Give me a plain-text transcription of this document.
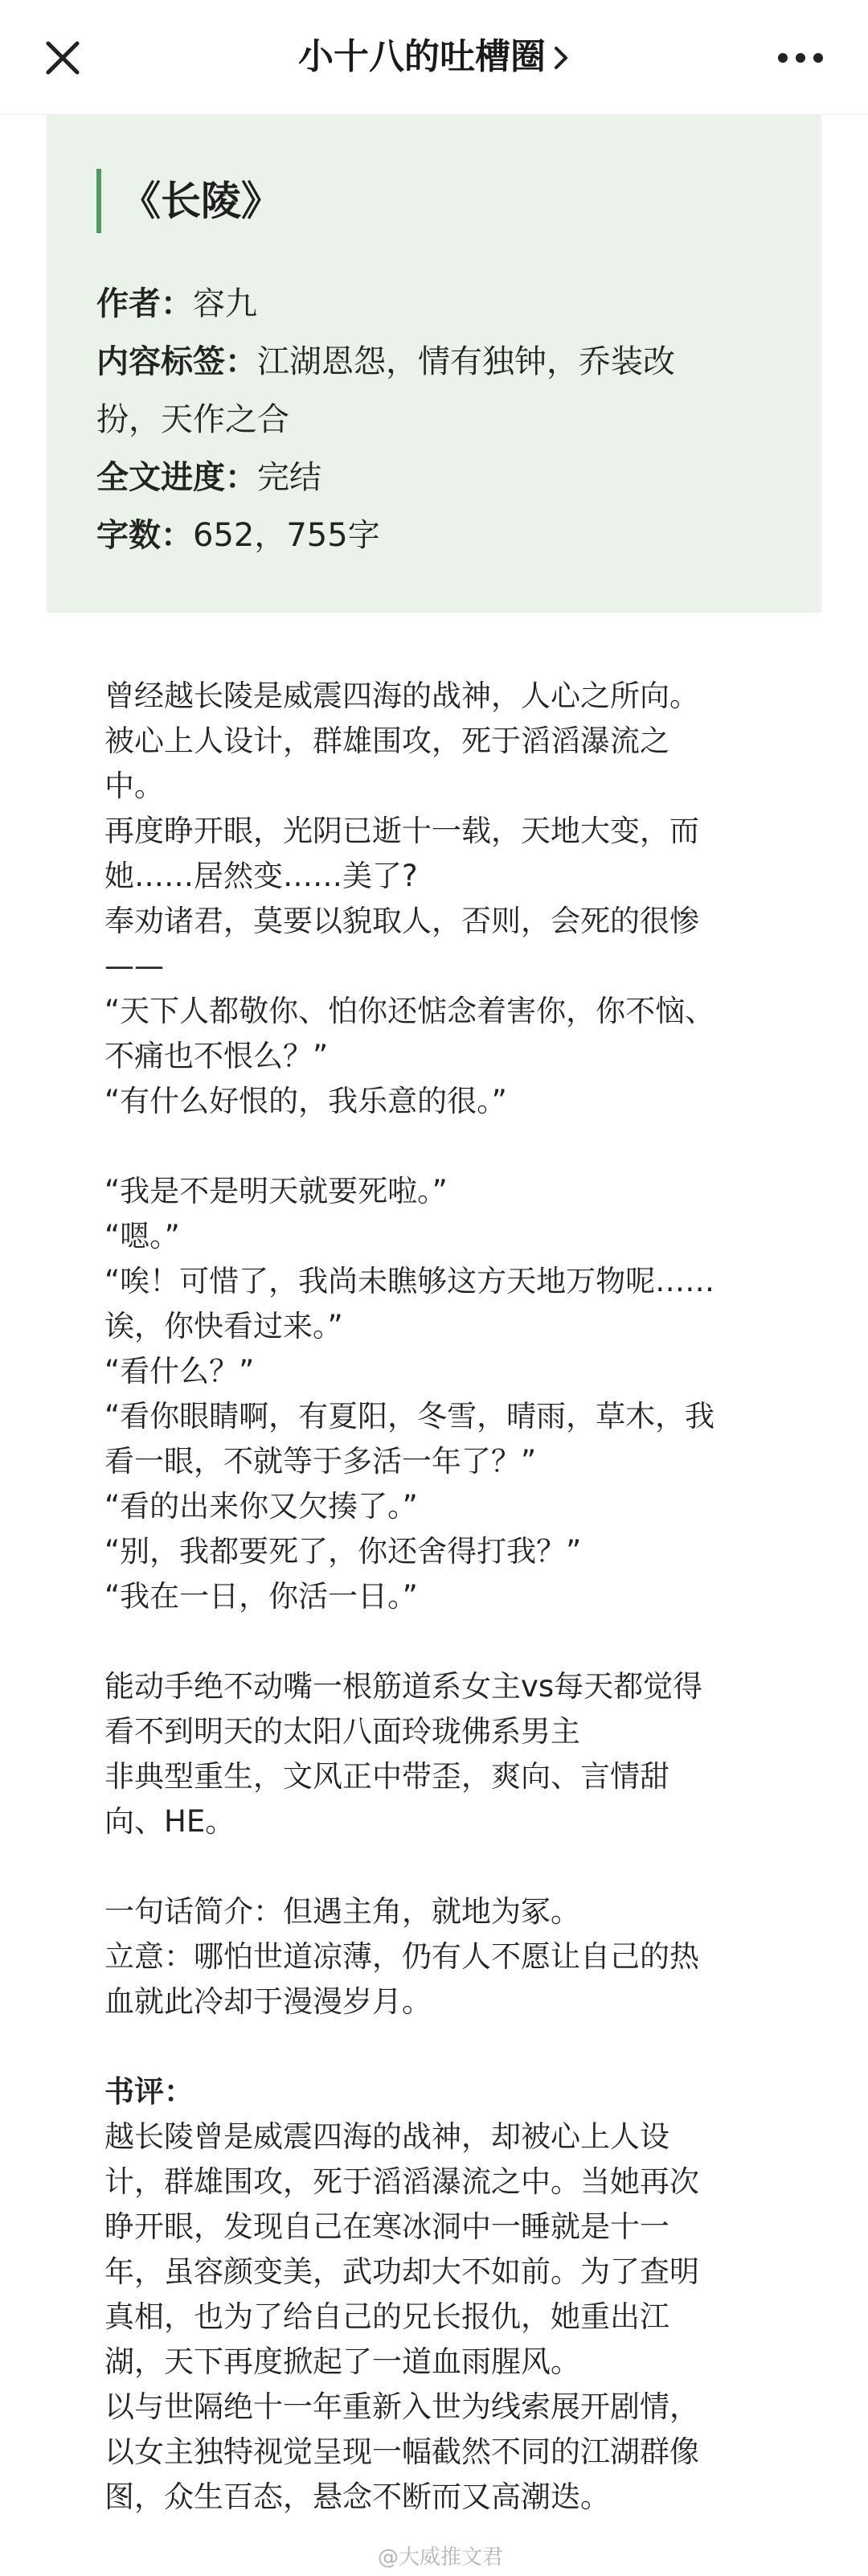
小十八的吐槽圈
《长陵》
作者：容九
内容标签：江湖恩怨，情有独钟，乔装改
扮，天作之合
全文进度：完结
字数：652，755字

曾经越长陵是威震四海的战神，人心之所向。

被心上人设计，群雄围攻，死于滔滔瀑流之

中。

再度睁开眼，光阴已逝十一载，天地大变，而

她……居然变……美了?

奉劝诸君，莫要以貌取人，否则，会死的很惨

——

“天下人都敬你、怕你还惦念着害你，你不恼、

不痛也不恨么？”

“有什么好恨的，我乐意的很。”

“我是不是明天就要死啦。”

“嗯。”

“唉！可惜了，我尚未瞧够这方天地万物呢……

诶，你快看过来。”

“看什么？”

“看你眼睛啊，有夏阳，冬雪，晴雨，草木，我

看一眼，不就等于多活一年了？”

“看的出来你又欠揍了。”

“别，我都要死了，你还舍得打我？”

“我在一日，你活一日。”

能动手绝不动嘴一根筋道系女主vs每天都觉得

看不到明天的太阳八面玲珑佛系男主

非典型重生，文风正中带歪，爽向、言情甜

向、HE。

一句话简介：但遇主角，就地为冢。

立意：哪怕世道凉薄，仍有人不愿让自己的热

血就此冷却于漫漫岁月。

书评：

越长陵曾是威震四海的战神，却被心上人设

计，群雄围攻，死于滔滔瀑流之中。当她再次

睁开眼，发现自己在寒冰洞中一睡就是十一

年，虽容颜变美，武功却大不如前。为了查明

真相，也为了给自己的兄长报仇，她重出江

湖，天下再度掀起了一道血雨腥风。

以与世隔绝十一年重新入世为线索展开剧情，

以女主独特视觉呈现一幅截然不同的江湖群像

图，众生百态，悬念不断而又高潮迭。

@大威推文君
